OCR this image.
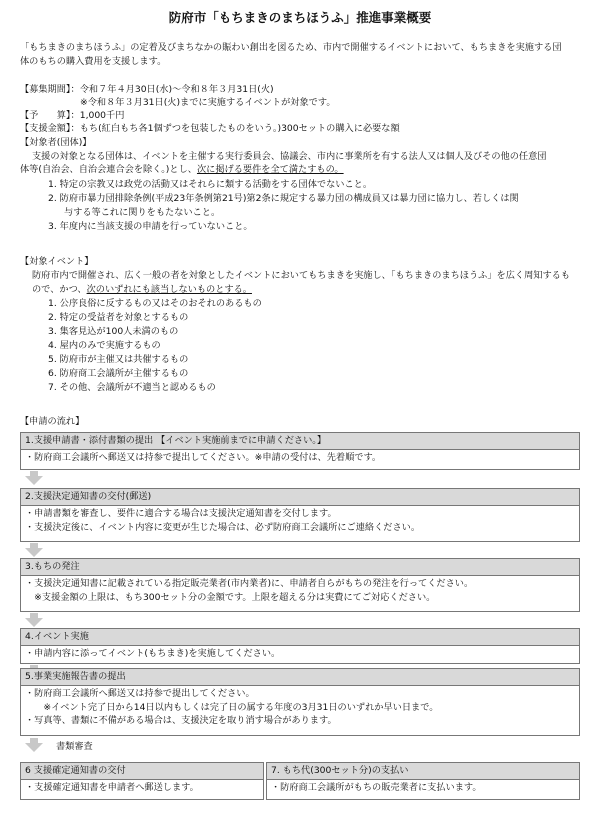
防府市「もちまきのまちほうふ」推進事業概要
「もちまきのまちほうふ」の定着及びまちなかの賑わい創出を図るため、市内で開催するイベントにおいて、もちまきを実施する団
体のもちの購入費用を支援します。
【募集期間】：令和７年４月30日(水)～令和８年３月31日(火)
※令和８年３月31日(火)までに実施するイベントが対象です。
【予　　算】：1,000千円
【支援金額】：もち(紅白もち各1個ずつを包装したものをいう。)300セットの購入に必要な額
【対象者(団体)】
支援の対象となる団体は、イベントを主催する実行委員会、協議会、市内に事業所を有する法人又は個人及びその他の任意団
体等(自治会、自治会連合会を除く。)とし、次に掲げる要件を全て満たすもの。
1. 特定の宗教又は政党の活動又はそれらに類する活動をする団体でないこと。
2. 防府市暴力団排除条例(平成23年条例第21号)第2条に規定する暴力団の構成員又は暴力団に協力し、若しくは関
与する等これに関りをもたないこと。
3. 年度内に当該支援の申請を行っていないこと。
【対象イベント】
防府市内で開催され、広く一般の者を対象としたイベントにおいてもちまきを実施し、「もちまきのまちほうふ」を広く周知するも
ので、かつ、次のいずれにも該当しないものとする。
1. 公序良俗に反するもの又はそのおそれのあるもの
2. 特定の受益者を対象とするもの
3. 集客見込が100人未満のもの
4. 屋内のみで実施するもの
5. 防府市が主催又は共催するもの
6. 防府商工会議所が主催するもの
7. その他、会議所が不適当と認めるもの
【申請の流れ】
1.支援申請書・添付書類の提出 【イベント実施前までに申請ください。】
・防府商工会議所へ郵送又は持参で提出してください。※申請の受付は、先着順です。
2.支援決定通知書の交付(郵送)
・申請書類を審査し、要件に適合する場合は支援決定通知書を交付します。
・支援決定後に、イベント内容に変更が生じた場合は、必ず防府商工会議所にご連絡ください。
3.もちの発注
・支援決定通知書に記載されている指定販売業者(市内業者)に、申請者自らがもちの発注を行ってください。
　※支援金額の上限は、もち300セット分の金額です。上限を超える分は実費にてご対応ください。
4.イベント実施
・申請内容に添ってイベント(もちまき)を実施してください。
5.事業実施報告書の提出
・防府商工会議所へ郵送又は持参で提出してください。
　　※イベント完了日から14日以内もしくは完了日の属する年度の3月31日のいずれか早い日まで。
・写真等、書類に不備がある場合は、支援決定を取り消す場合があります。
書類審査
6 支援確定通知書の交付
・支援確定通知書を申請者へ郵送します。
7. もち代(300セット分)の支払い
・防府商工会議所がもちの販売業者に支払います。
